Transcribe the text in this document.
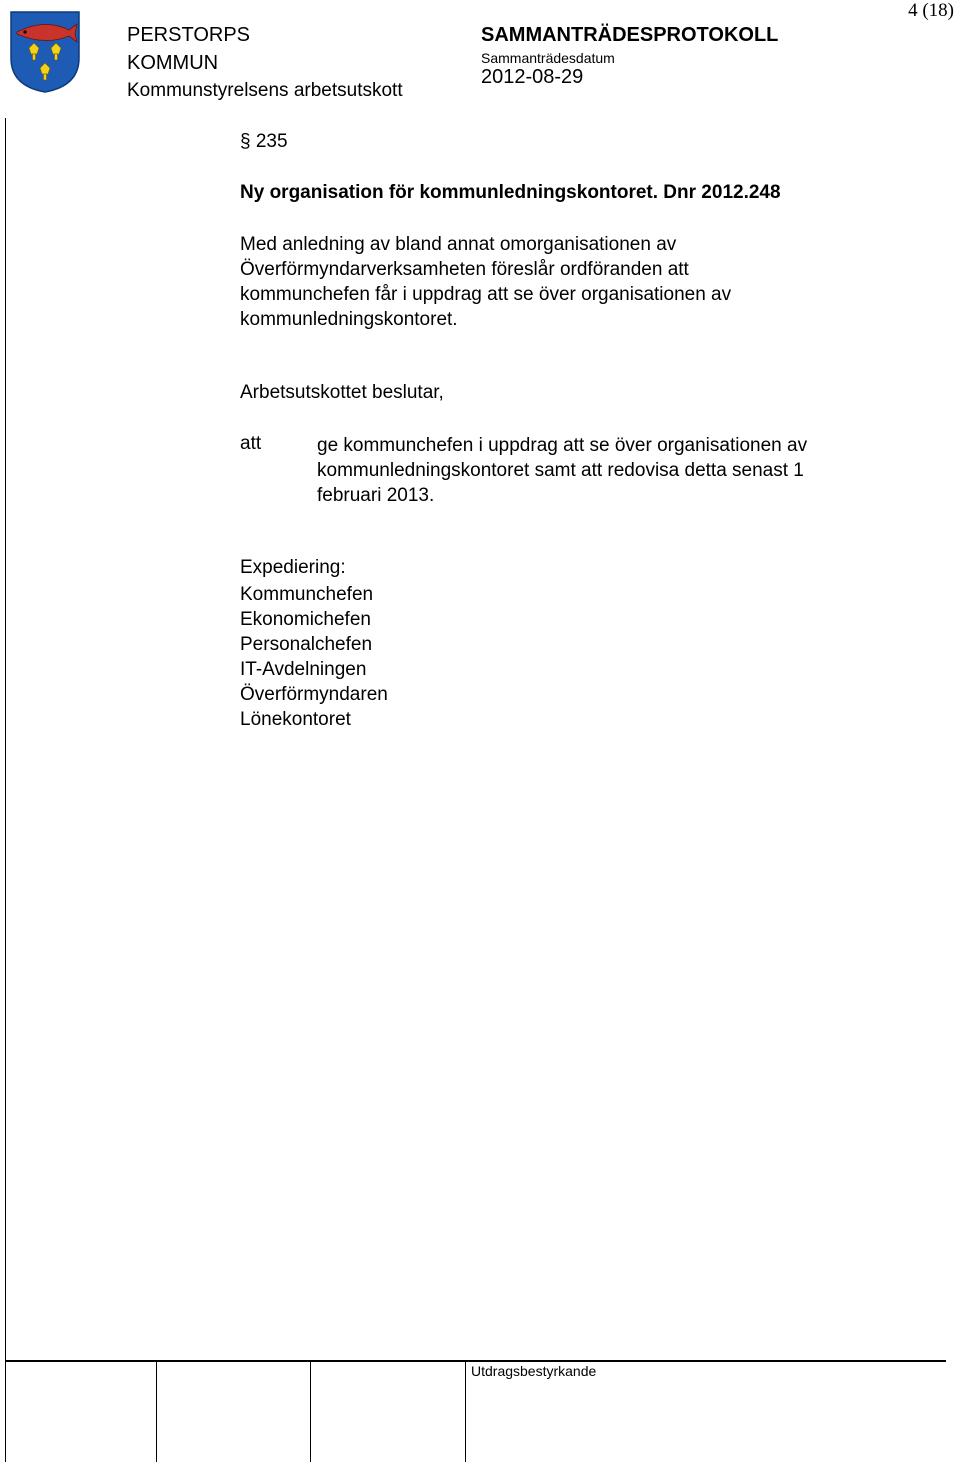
4 (18)
PERSTORPS
KOMMUN
Kommunstyrelsens arbetsutskott
SAMMANTRÄDESPROTOKOLL
Sammanträdesdatum
2012-08-29
§ 235
Ny organisation för kommunledningskontoret. Dnr 2012.248
Med anledning av bland annat omorganisationen av
Överförmyndarverksamheten föreslår ordföranden att
kommunchefen får i uppdrag att se över organisationen av
kommunledningskontoret.
Arbetsutskottet beslutar,
att	ge kommunchefen i uppdrag att se över organisationen av
kommunledningskontoret samt att redovisa detta senast 1
februari 2013.
Expediering:
Kommunchefen
Ekonomichefen
Personalchefen
IT-Avdelningen
Överförmyndaren
Lönekontoret
Utdragsbestyrkande
